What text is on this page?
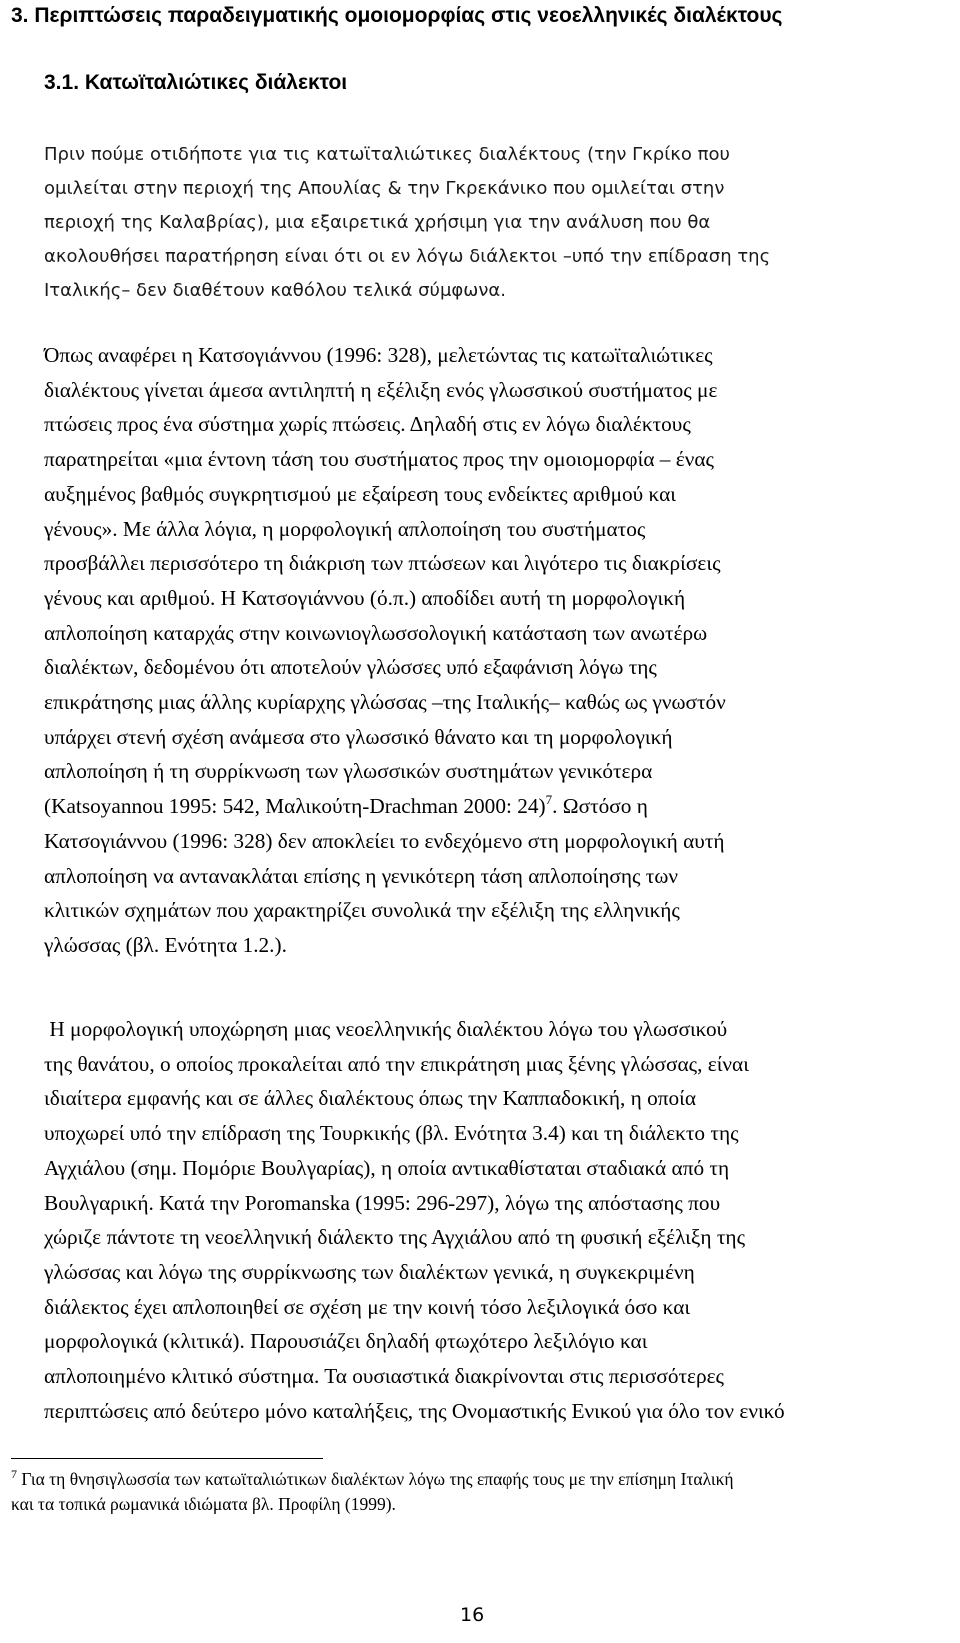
3. Περιπτώσεις παραδειγματικής ομοιομορφίας στις νεοελληνικές διαλέκτους
3.1. Κατωϊταλιώτικες διάλεκτοι

Πριν πούμε οτιδήποτε για τις κατωϊταλιώτικες διαλέκτους (την Γκρίκο που
ομιλείται στην περιοχή της Απουλίας & την Γκρεκάνικο που ομιλείται στην
περιοχή της Καλαβρίας), μια εξαιρετικά χρήσιμη για την ανάλυση που θα
ακολουθήσει παρατήρηση είναι ότι οι εν λόγω διάλεκτοι –υπό την επίδραση της
Ιταλικής– δεν διαθέτουν καθόλου τελικά σύμφωνα.

Όπως αναφέρει η Κατσογιάννου (1996: 328), μελετώντας τις κατωϊταλιώτικες
διαλέκτους γίνεται άμεσα αντιληπτή η εξέλιξη ενός γλωσσικού συστήματος με
πτώσεις προς ένα σύστημα χωρίς πτώσεις. Δηλαδή στις εν λόγω διαλέκτους
παρατηρείται «μια έντονη τάση του συστήματος προς την ομοιομορφία – ένας
αυξημένος βαθμός συγκρητισμού με εξαίρεση τους ενδείκτες αριθμού και
γένους». Με άλλα λόγια, η μορφολογική απλοποίηση του συστήματος
προσβάλλει περισσότερο τη διάκριση των πτώσεων και λιγότερο τις διακρίσεις
γένους και αριθμού. Η Κατσογιάννου (ό.π.) αποδίδει αυτή τη μορφολογική
απλοποίηση καταρχάς στην κοινωνιογλωσσολογική κατάσταση των ανωτέρω
διαλέκτων, δεδομένου ότι αποτελούν γλώσσες υπό εξαφάνιση λόγω της
επικράτησης μιας άλλης κυρίαρχης γλώσσας –της Ιταλικής– καθώς ως γνωστόν
υπάρχει στενή σχέση ανάμεσα στο γλωσσικό θάνατο και τη μορφολογική
απλοποίηση ή τη συρρίκνωση των γλωσσικών συστημάτων γενικότερα
(Katsoyannou 1995: 542, Μαλικούτη-Drachman 2000: 24)$^7$. Ωστόσο η
Κατσογιάννου (1996: 328) δεν αποκλείει το ενδεχόμενο στη μορφολογική αυτή
απλοποίηση να αντανακλάται επίσης η γενικότερη τάση απλοποίησης των
κλιτικών σχημάτων που χαρακτηρίζει συνολικά την εξέλιξη της ελληνικής
γλώσσας (βλ. Ενότητα 1.2.).

Η μορφολογική υποχώρηση μιας νεοελληνικής διαλέκτου λόγω του γλωσσικού
της θανάτου, ο οποίος προκαλείται από την επικράτηση μιας ξένης γλώσσας, είναι
ιδιαίτερα εμφανής και σε άλλες διαλέκτους όπως την Καππαδοκική, η οποία
υποχωρεί υπό την επίδραση της Τουρκικής (βλ. Ενότητα 3.4) και τη διάλεκτο της
Αγχιάλου (σημ. Πομόριε Βουλγαρίας), η οποία αντικαθίσταται σταδιακά από τη
Βουλγαρική. Κατά την Poromanska (1995: 296-297), λόγω της απόστασης που
χώριζε πάντοτε τη νεοελληνική διάλεκτο της Αγχιάλου από τη φυσική εξέλιξη της
γλώσσας και λόγω της συρρίκνωσης των διαλέκτων γενικά, η συγκεκριμένη
διάλεκτος έχει απλοποιηθεί σε σχέση με την κοινή τόσο λεξιλογικά όσο και
μορφολογικά (κλιτικά). Παρουσιάζει δηλαδή φτωχότερο λεξιλόγιο και
απλοποιημένο κλιτικό σύστημα. Τα ουσιαστικά διακρίνονται στις περισσότερες
περιπτώσεις από δεύτερο μόνο καταλήξεις, της Ονομαστικής Ενικού για όλο τον ενικό

$^7$ Για τη θνησιγλωσσία των κατωϊταλιώτικων διαλέκτων λόγω της επαφής τους με την επίσημη Ιταλική
και τα τοπικά ρωμανικά ιδιώματα βλ. Προφίλη (1999).

16
